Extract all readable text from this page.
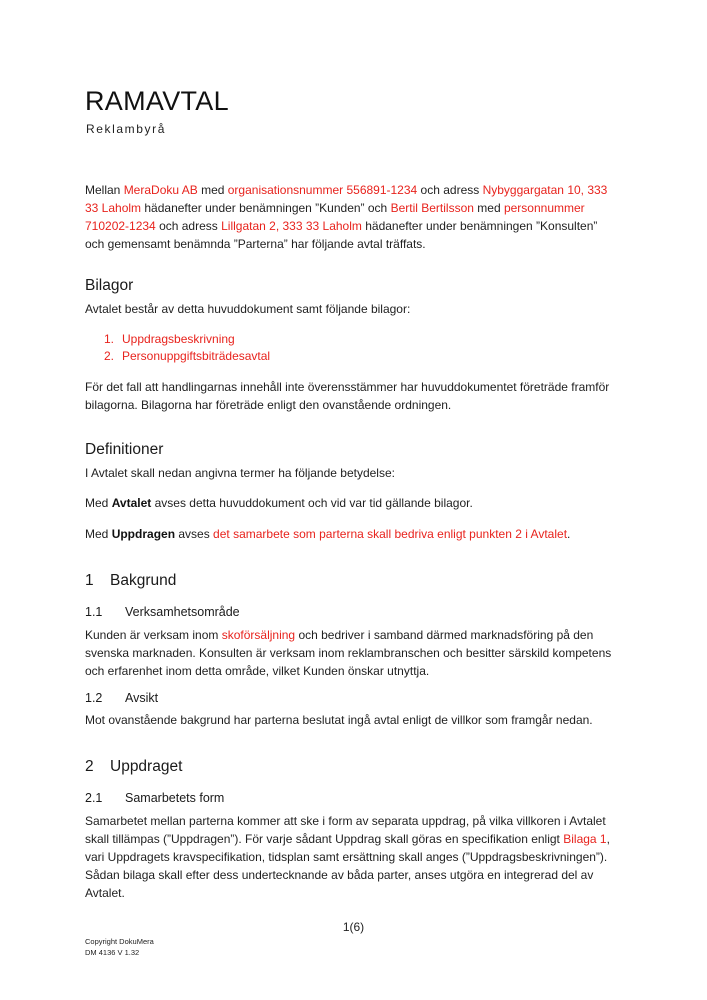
RAMAVTAL
Reklambyrå
Mellan MeraDoku AB med organisationsnummer 556891-1234 och adress Nybyggargatan 10, 333 33 Laholm hädanefter under benämningen ”Kunden” och Bertil Bertilsson med personnummer 710202-1234 och adress Lillgatan 2, 333 33 Laholm hädanefter under benämningen ”Konsulten” och gemensamt benämnda ”Parterna” har följande avtal träffats.
Bilagor
Avtalet består av detta huvuddokument samt följande bilagor:
1. Uppdragsbeskrivning
2. Personuppgiftsbiträdesavtal
För det fall att handlingarnas innehåll inte överensstämmer har huvuddokumentet företräde framför bilagorna. Bilagorna har företräde enligt den ovanstående ordningen.
Definitioner
I Avtalet skall nedan angivna termer ha följande betydelse:
Med Avtalet avses detta huvuddokument och vid var tid gällande bilagor.
Med Uppdragen avses det samarbete som parterna skall bedriva enligt punkten 2 i Avtalet.
1 Bakgrund
1.1 Verksamhetsområde
Kunden är verksam inom skoförsäljning och bedriver i samband därmed marknadsföring på den svenska marknaden. Konsulten är verksam inom reklambranschen och besitter särskild kompetens och erfarenhet inom detta område, vilket Kunden önskar utnyttja.
1.2 Avsikt
Mot ovanstående bakgrund har parterna beslutat ingå avtal enligt de villkor som framgår nedan.
2 Uppdraget
2.1 Samarbetets form
Samarbetet mellan parterna kommer att ske i form av separata uppdrag, på vilka villkoren i Avtalet skall tillämpas (”Uppdragen”). För varje sådant Uppdrag skall göras en specifikation enligt Bilaga 1, vari Uppdragets kravspecifikation, tidsplan samt ersättning skall anges (”Uppdragsbeskrivningen”). Sådan bilaga skall efter dess undertecknande av båda parter, anses utgöra en integrerad del av Avtalet.
1(6)
Copyright DokuMera
DM 4136 V 1.32
